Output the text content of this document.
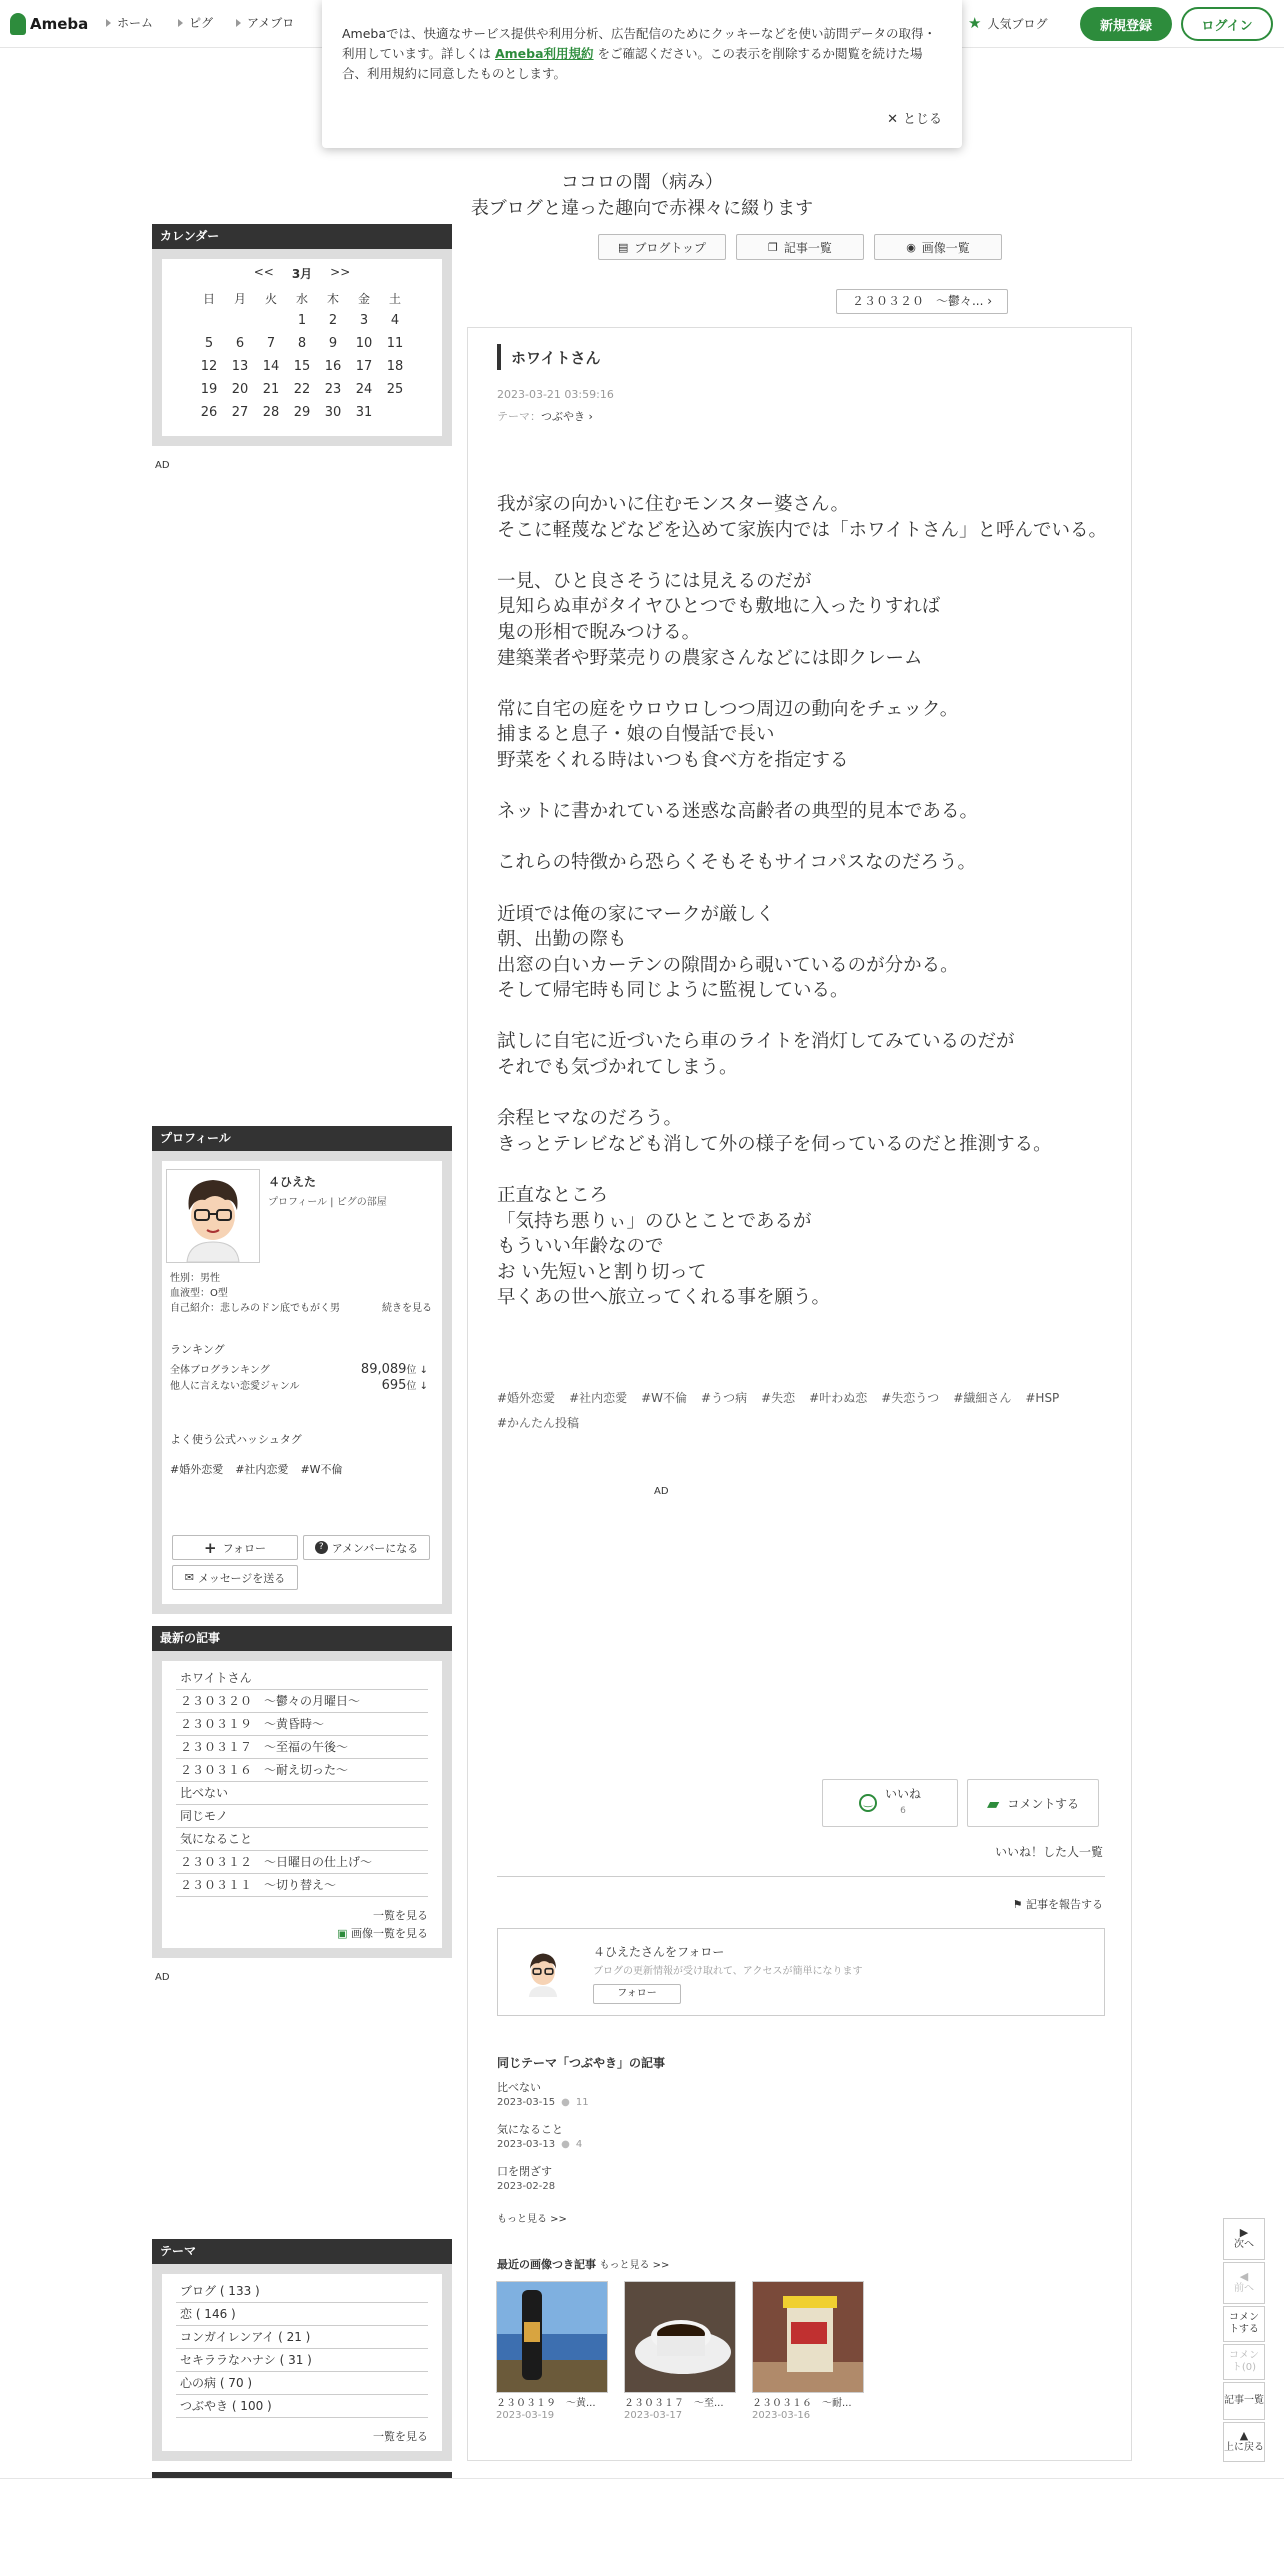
Ameba ホーム	ピグ	アメブロ	★ 人気ブログ	新規登録	ログイン
ココロの闇（病み）
表ブログと違った趣向で赤裸々に綴ります
Amebaでは、快適なサービス提供や利用分析、広告配信のためにクッキーなどを使い訪問データの取得・利用しています。詳しくは Ameba利用規約 をご確認ください。この表示を削除するか閲覧を続けた場合、利用規約に同意したものとします。
✕ とじる
▤ ブログトップ	❐ 記事一覧	◉ 画像一覧
２３０３２０　〜鬱々... ›
カレンダー
<< 3月 >>
日	月	火	水	木	金	土
			1	2	3	4
5	6	7	8	9	10	11
12	13	14	15	16	17	18
19	20	21	22	23	24	25
26	27	28	29	30	31	
AD
プロフィール
４ひえた
プロフィール | ピグの部屋
性別：男性
血液型：O型
自己紹介：悲しみのドン底でもがく男	続きを見る
ランキング
全体ブログランキング	89,089位 ↓
他人に言えない恋愛ジャンル	695位 ↓
よく使う公式ハッシュタグ
#婚外恋愛 #社内恋愛 #W不倫
+ フォロー	? アメンバーになる
✉ メッセージを送る
最新の記事
ホワイトさん
２３０３２０　〜鬱々の月曜日〜
２３０３１９　〜黄昏時〜
２３０３１７　〜至福の午後〜
２３０３１６　〜耐え切った〜
比べない
同じモノ
気になること
２３０３１２　〜日曜日の仕上げ〜
２３０３１１　〜切り替え〜
一覧を見る
▣ 画像一覧を見る
AD
テーマ
ブログ ( 133 )
恋 ( 146 )
コンガイレンアイ ( 21 )
セキララなハナシ ( 31 )
心の病 ( 70 )
つぶやき ( 100 )
一覧を見る
ホワイトさん
2023-03-21 03:59:16
テーマ：つぶやき ›

我が家の向かいに住むモンスター婆さん。
そこに軽蔑などなどを込めて家族内では「ホワイトさん」と呼んでいる。

一見、ひと良さそうには見えるのだが
見知らぬ車がタイヤひとつでも敷地に入ったりすれば
鬼の形相で睨みつける。
建築業者や野菜売りの農家さんなどには即クレーム

常に自宅の庭をウロウロしつつ周辺の動向をチェック。
捕まると息子・娘の自慢話で長い
野菜をくれる時はいつも食べ方を指定する

ネットに書かれている迷惑な高齢者の典型的見本である。

これらの特徴から恐らくそもそもサイコパスなのだろう。

近頃では俺の家にマークが厳しく
朝、出勤の際も
出窓の白いカーテンの隙間から覗いているのが分かる。
そして帰宅時も同じように監視している。

試しに自宅に近づいたら車のライトを消灯してみているのだが
それでも気づかれてしまう。

余程ヒマなのだろう。
きっとテレビなども消して外の様子を伺っているのだと推測する。

正直なところ
「気持ち悪りぃ」のひとことであるが
もういい年齢なので
お い先短いと割り切って
早くあの世へ旅立ってくれる事を願う。

#婚外恋愛 #社内恋愛 #W不倫 #うつ病 #失恋 #叶わぬ恋 #失恋うつ #繊細さん #HSP
#かんたん投稿
AD
‿
いいね
6	▰ コメントする
いいね！した人一覧
⚑ 記事を報告する
４ひえたさんをフォロー
ブログの更新情報が受け取れて、アクセスが簡単になります
フォロー
同じテーマ「つぶやき」の記事
比べない
2023-03-15 ● 11
気になること
2023-03-13 ● 4
口を閉ざす
2023-02-28
もっと見る >>
最近の画像つき記事 もっと見る >>
２３０３１９　〜黄...
2023-03-19
２３０３１７　〜至...
2023-03-17
２３０３１６　〜耐...
2023-03-16
▶
次へ
◀
前へ
コメントする
コメント(0)
記事一覧
▲
上に戻る
